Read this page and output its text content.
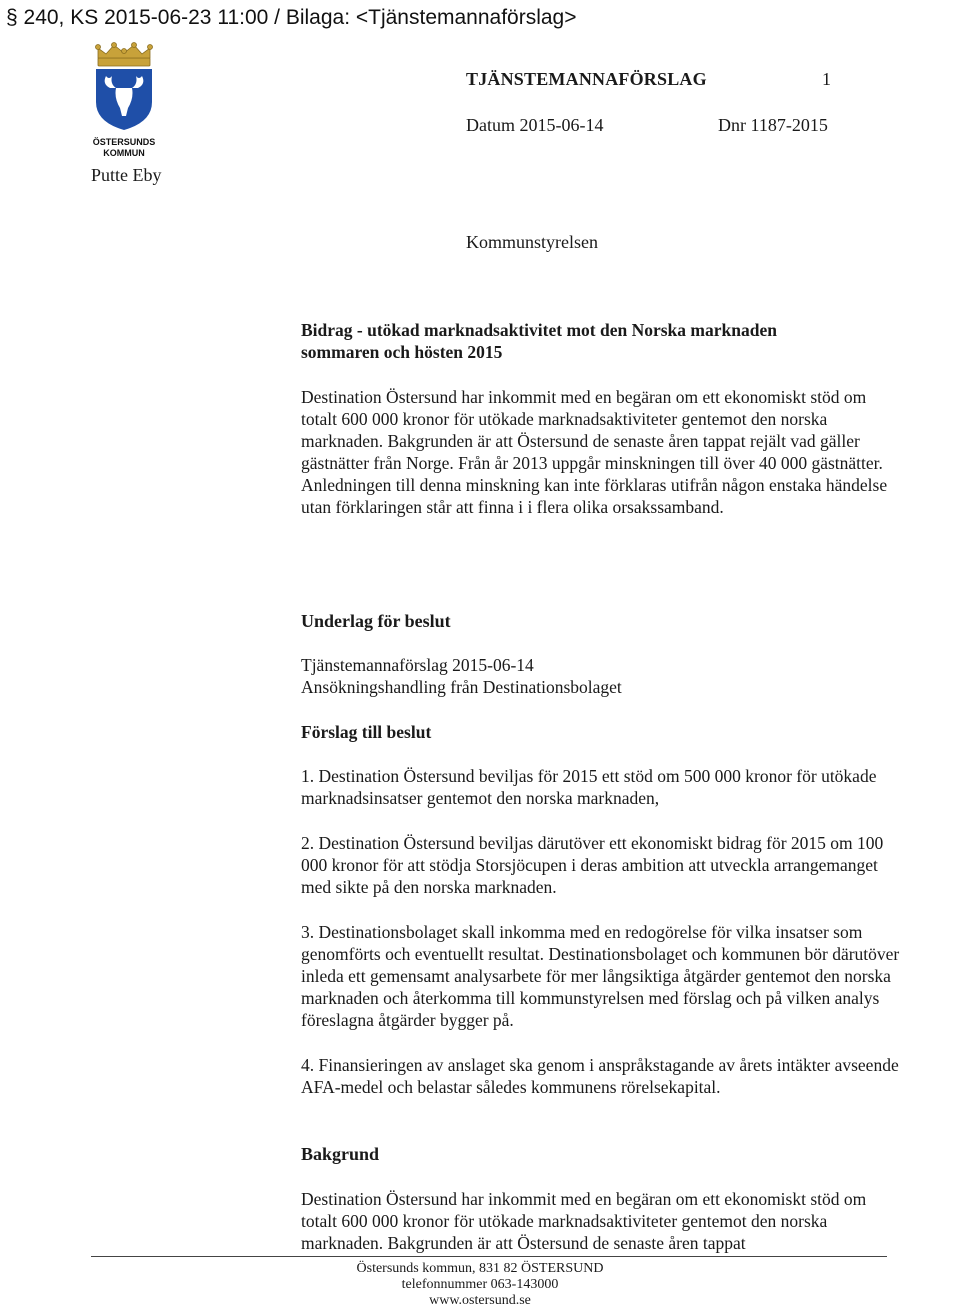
§ 240, KS 2015-06-23 11:00 / Bilaga: <Tjänstemannaförslag>
ÖSTERSUNDS
KOMMUN
TJÄNSTEMANNAFÖRSLAG	1
Datum 2015-06-14	Dnr 1187-2015
Putte Eby
Kommunstyrelsen
Bidrag - utökad marknadsaktivitet mot den Norska marknaden
sommaren och hösten 2015
Destination Östersund har inkommit med en begäran om ett ekonomiskt stöd om totalt 600 000 kronor för utökade marknadsaktiviteter gentemot den norska marknaden. Bakgrunden är att Östersund de senaste åren tappat rejält vad gäller gästnätter från Norge. Från år 2013 uppgår minskningen till över 40 000 gästnätter. Anledningen till denna minskning kan inte förklaras utifrån någon enstaka händelse utan förklaringen står att finna i i flera olika orsakssamband.
Underlag för beslut
Tjänstemannaförslag 2015-06-14
Ansökningshandling från Destinationsbolaget
Förslag till beslut
1. Destination Östersund beviljas för 2015 ett stöd om 500 000 kronor för utökade marknadsinsatser gentemot den norska marknaden,
2. Destination Östersund beviljas därutöver ett ekonomiskt bidrag för 2015 om 100 000 kronor för att stödja Storsjöcupen i deras ambition att utveckla arrangemanget med sikte på den norska marknaden.
3. Destinationsbolaget skall inkomma med en redogörelse för vilka insatser som genomförts och eventuellt resultat. Destinationsbolaget och kommunen bör därutöver inleda ett gemensamt analysarbete för mer långsiktiga åtgärder gentemot den norska marknaden och återkomma till kommunstyrelsen med förslag och på vilken analys föreslagna åtgärder bygger på.
4. Finansieringen av anslaget ska genom i anspråkstagande av årets intäkter avseende AFA-medel och belastar således kommunens rörelsekapital.
Bakgrund
Destination Östersund har inkommit med en begäran om ett ekonomiskt stöd om totalt 600 000 kronor för utökade marknadsaktiviteter gentemot den norska marknaden. Bakgrunden är att Östersund de senaste åren tappat
Östersunds kommun, 831 82 ÖSTERSUND
telefonnummer 063-143000
www.ostersund.se
